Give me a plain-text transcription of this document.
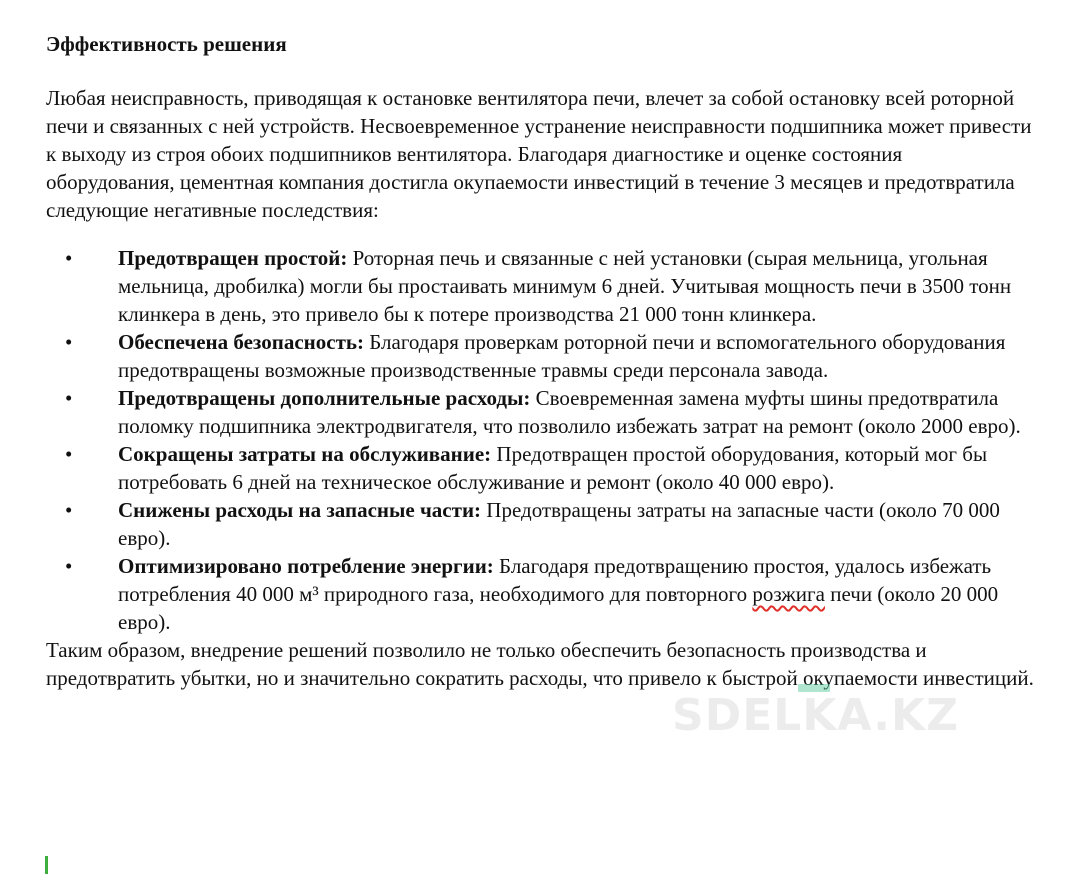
Эффективность решения

Любая неисправность, приводящая к остановке вентилятора печи, влечет за собой остановку всей роторной печи и связанных с ней устройств. Несвоевременное устранение неисправности подшипника может привести к выходу из строя обоих подшипников вентилятора. Благодаря диагностике и оценке состояния оборудования, цементная компания достигла окупаемости инвестиций в течение 3 месяцев и предотвратила следующие негативные последствия:

• Предотвращен простой: Роторная печь и связанные с ней установки (сырая мельница, угольная мельница, дробилка) могли бы простаивать минимум 6 дней. Учитывая мощность печи в 3500 тонн клинкера в день, это привело бы к потере производства 21 000 тонн клинкера.
• Обеспечена безопасность: Благодаря проверкам роторной печи и вспомогательного оборудования предотвращены возможные производственные травмы среди персонала завода.
• Предотвращены дополнительные расходы: Своевременная замена муфты шины предотвратила поломку подшипника электродвигателя, что позволило избежать затрат на ремонт (около 2000 евро).
• Сокращены затраты на обслуживание: Предотвращен простой оборудования, который мог бы потребовать 6 дней на техническое обслуживание и ремонт (около 40 000 евро).
• Снижены расходы на запасные части: Предотвращены затраты на запасные части (около 70 000 евро).
• Оптимизировано потребление энергии: Благодаря предотвращению простоя, удалось избежать потребления 40 000 м³ природного газа, необходимого для повторного розжига печи (около 20 000 евро).

Таким образом, внедрение решений позволило не только обеспечить безопасность производства и предотвратить убытки, но и значительно сократить расходы, что привело к быстрой окупаемости инвестиций.

SDELKA.KZ
